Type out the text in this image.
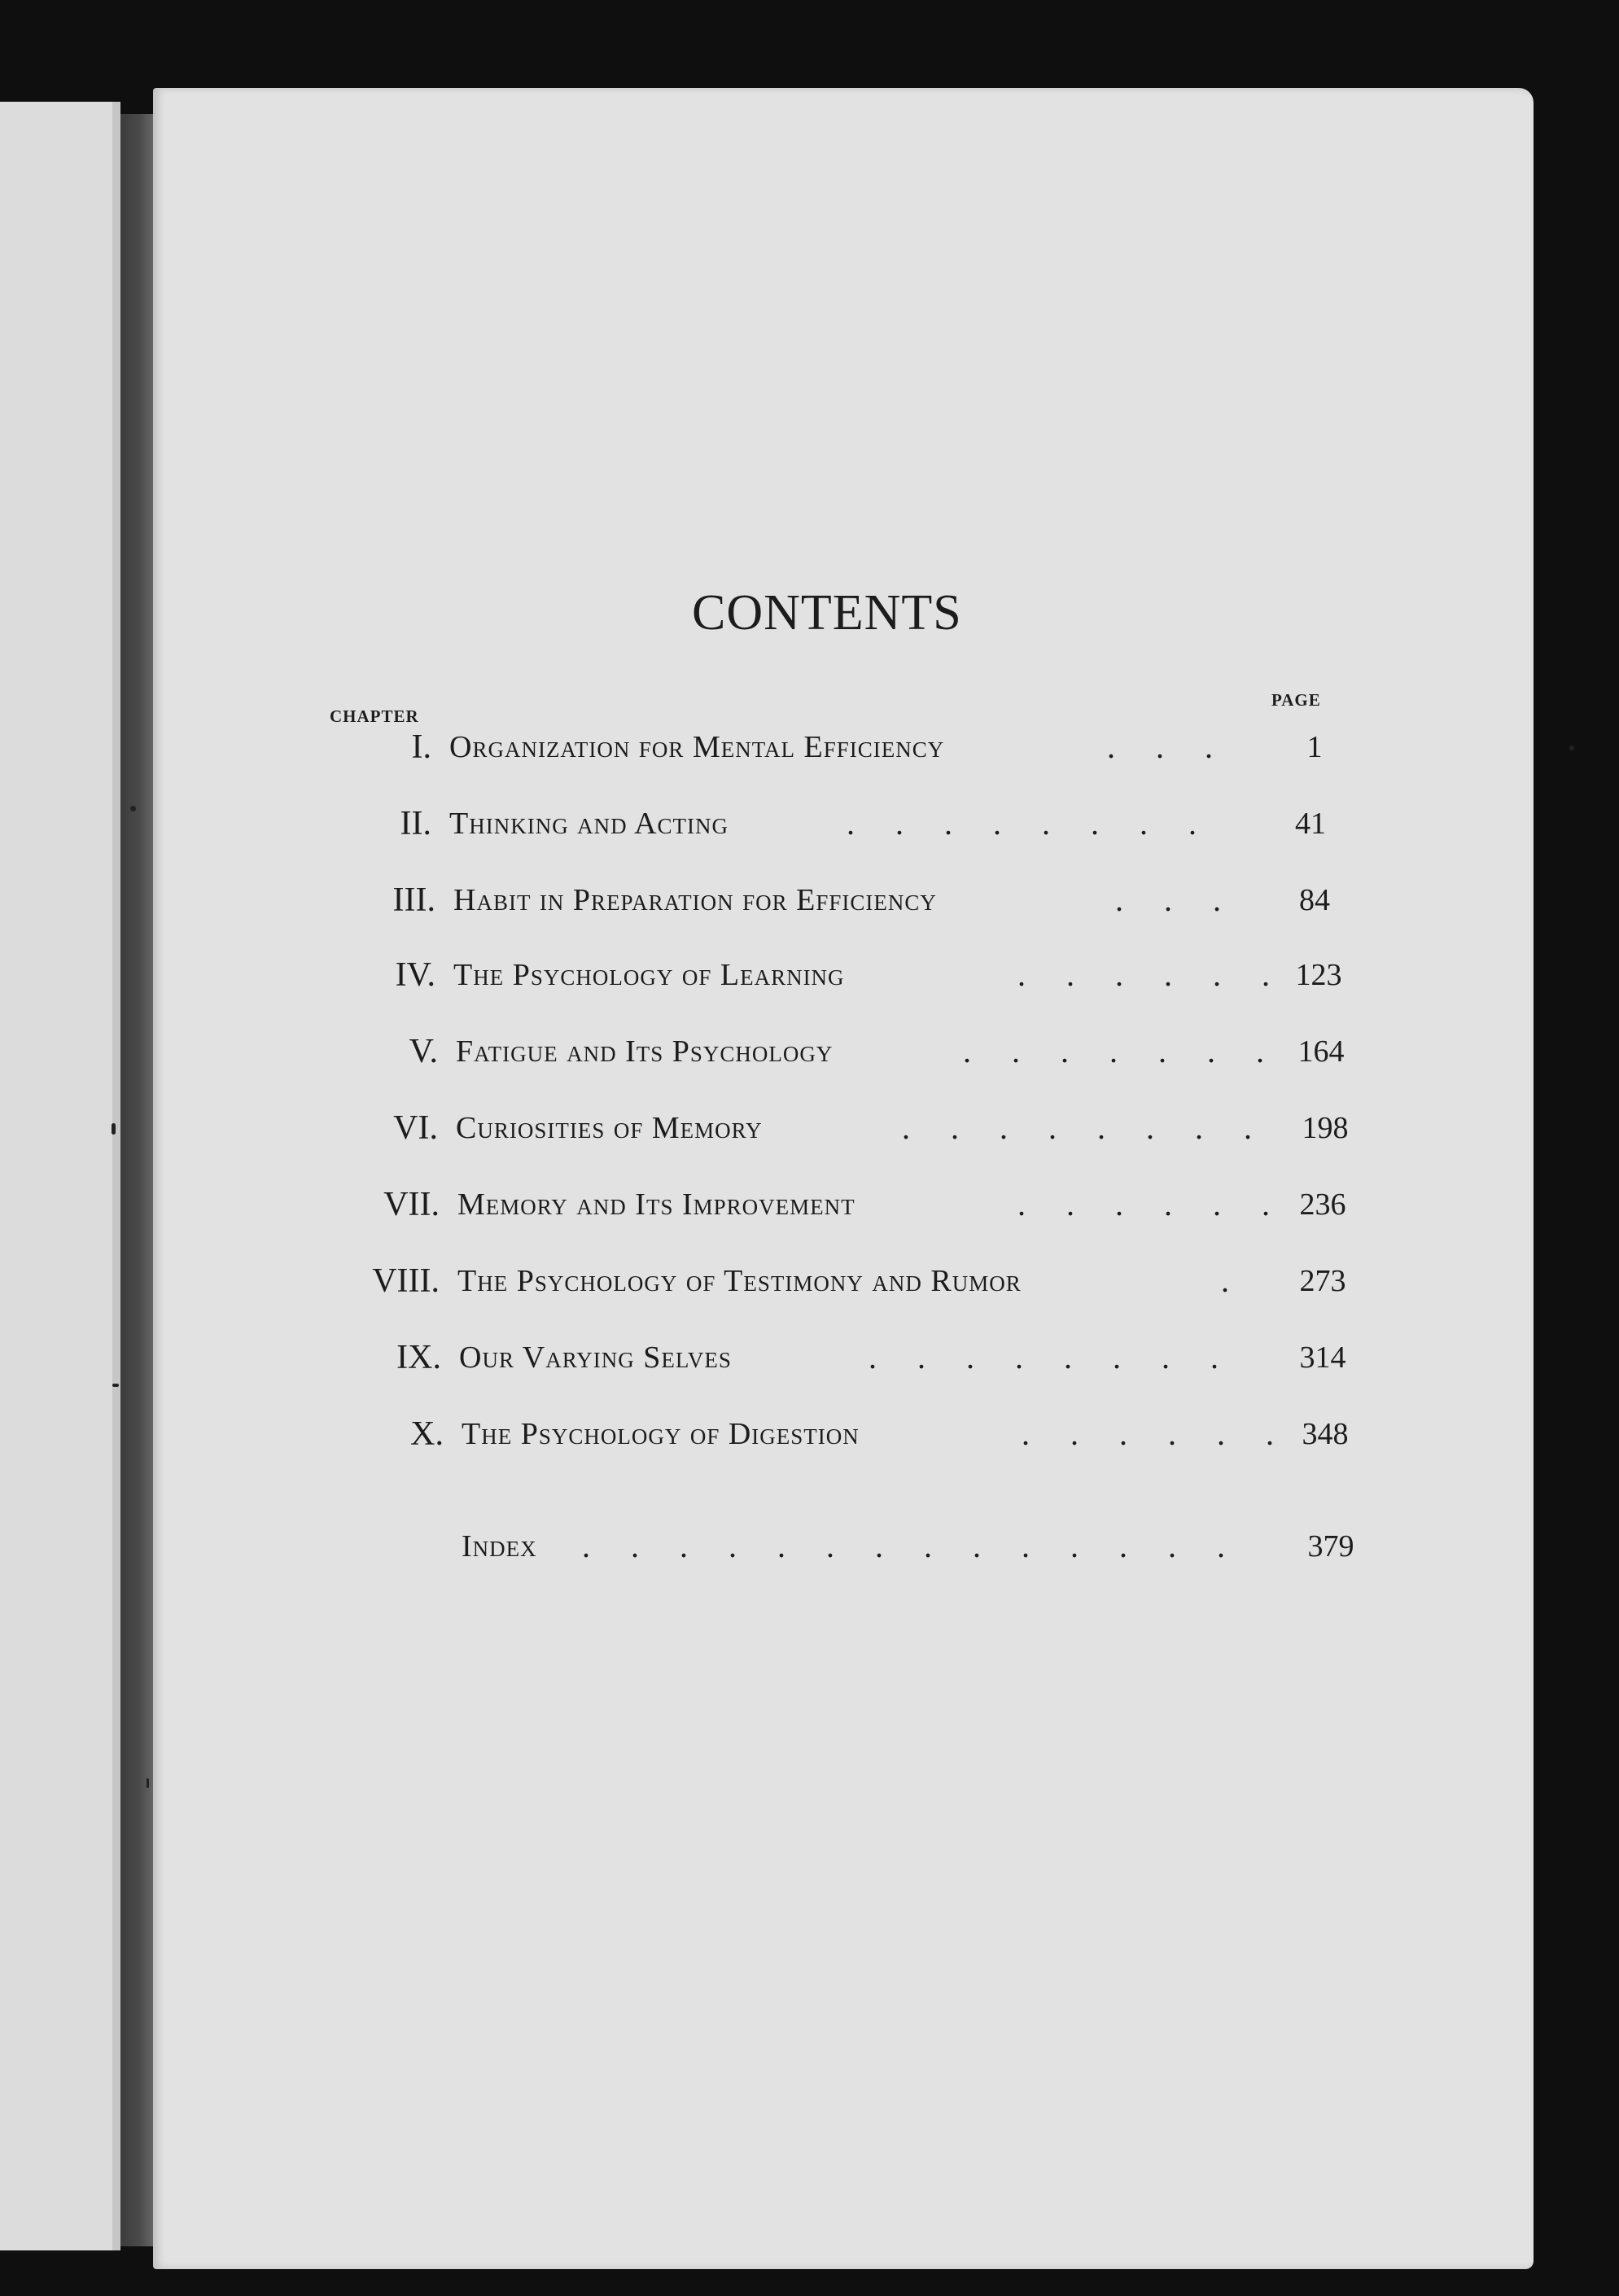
CONTENTS
CHAPTER
PAGE
I. Organization for Mental Efficiency	. . .	1
II. Thinking and Acting	. . . . . . . .	41
III. Habit in Preparation for Efficiency	. . .	84
IV. The Psychology of Learning	. . . . . . 123
V. Fatigue and Its Psychology	. . . . . . . 164
VI. Curiosities of Memory	. . . . . . . .	198
VII. Memory and Its Improvement	. . . . . . 236
VIII. The Psychology of Testimony and Rumor	.	273
IX. Our Varying Selves	. . . . . . . .	314
X. The Psychology of Digestion	. . . . . . 348
Index . . . . . . . . . . . . . .	379
